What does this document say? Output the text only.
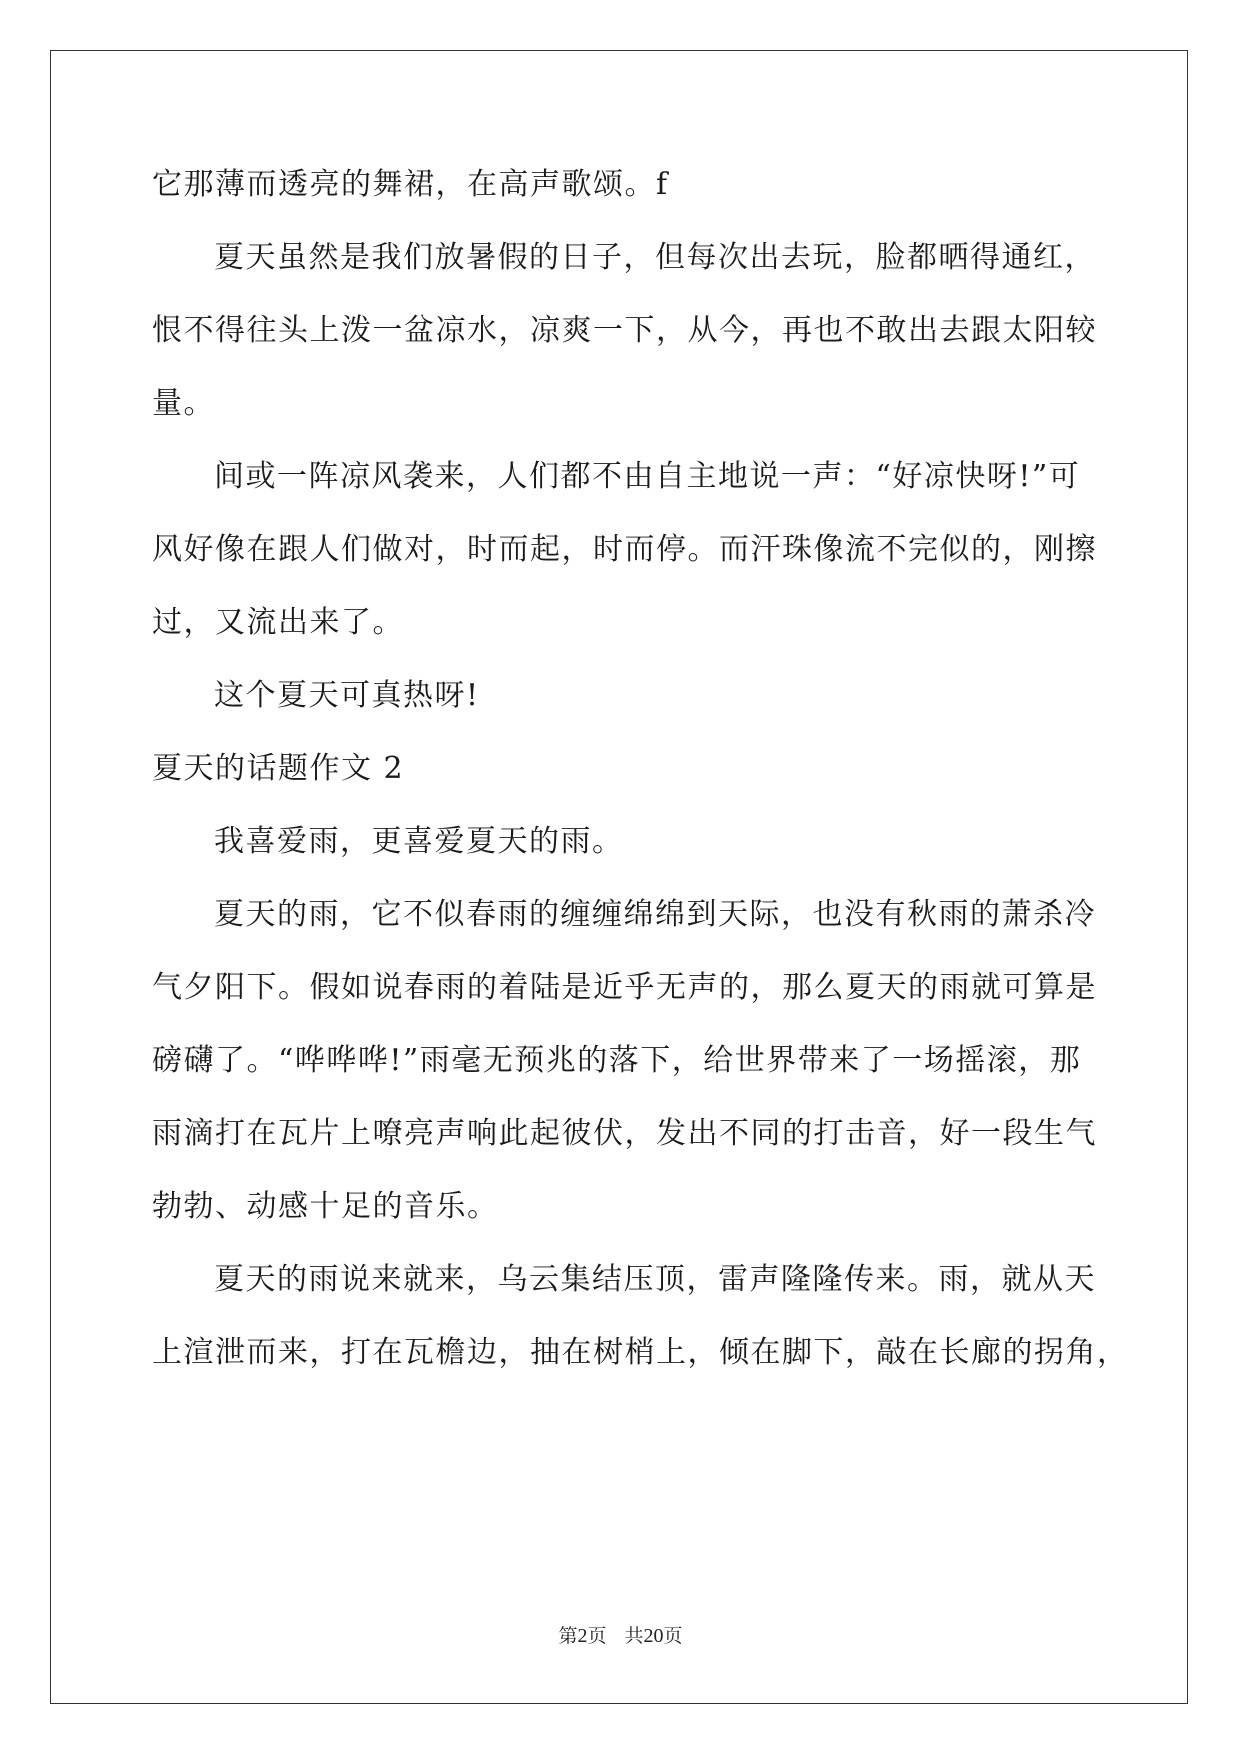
它那薄而透亮的舞裙，在高声歌颂。f
夏天虽然是我们放暑假的日子，但每次出去玩，脸都晒得通红，
恨不得往头上泼一盆凉水，凉爽一下，从今，再也不敢出去跟太阳较
量。
间或一阵凉风袭来，人们都不由自主地说一声：“好凉快呀!”可
风好像在跟人们做对，时而起，时而停。而汗珠像流不完似的，刚擦
过，又流出来了。
这个夏天可真热呀!
夏天的话题作文 2
我喜爱雨，更喜爱夏天的雨。
夏天的雨，它不似春雨的缠缠绵绵到天际，也没有秋雨的萧杀冷
气夕阳下。假如说春雨的着陆是近乎无声的，那么夏天的雨就可算是
磅礴了。“哗哗哗!”雨毫无预兆的落下，给世界带来了一场摇滚，那
雨滴打在瓦片上嘹亮声响此起彼伏，发出不同的打击音，好一段生气
勃勃、动感十足的音乐。
夏天的雨说来就来，乌云集结压顶，雷声隆隆传来。雨，就从天
上渲泄而来，打在瓦檐边，抽在树梢上，倾在脚下，敲在长廊的拐角，
第2页 共20页
